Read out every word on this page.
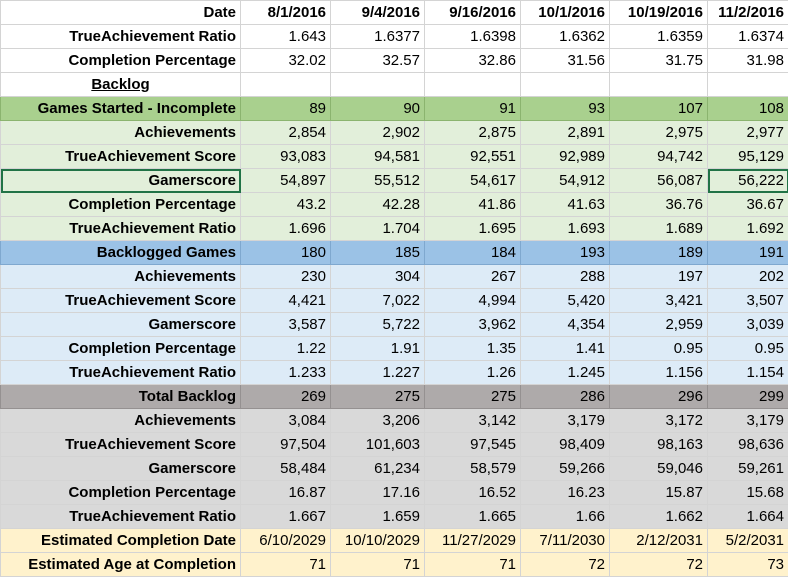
Date	8/1/2016	9/4/2016	9/16/2016	10/1/2016	10/19/2016	11/2/2016
TrueAchievement Ratio	1.643	1.6377	1.6398	1.6362	1.6359	1.6374
Completion Percentage	32.02	32.57	32.86	31.56	31.75	31.98
Backlog						
Games Started - Incomplete	89	90	91	93	107	108
Achievements	2,854	2,902	2,875	2,891	2,975	2,977
TrueAchievement Score	93,083	94,581	92,551	92,989	94,742	95,129
Gamerscore	54,897	55,512	54,617	54,912	56,087	56,222
Completion Percentage	43.2	42.28	41.86	41.63	36.76	36.67
TrueAchievement Ratio	1.696	1.704	1.695	1.693	1.689	1.692
Backlogged Games	180	185	184	193	189	191
Achievements	230	304	267	288	197	202
TrueAchievement Score	4,421	7,022	4,994	5,420	3,421	3,507
Gamerscore	3,587	5,722	3,962	4,354	2,959	3,039
Completion Percentage	1.22	1.91	1.35	1.41	0.95	0.95
TrueAchievement Ratio	1.233	1.227	1.26	1.245	1.156	1.154
Total Backlog	269	275	275	286	296	299
Achievements	3,084	3,206	3,142	3,179	3,172	3,179
TrueAchievement Score	97,504	101,603	97,545	98,409	98,163	98,636
Gamerscore	58,484	61,234	58,579	59,266	59,046	59,261
Completion Percentage	16.87	17.16	16.52	16.23	15.87	15.68
TrueAchievement Ratio	1.667	1.659	1.665	1.66	1.662	1.664
Estimated Completion Date	6/10/2029	10/10/2029	11/27/2029	7/11/2030	2/12/2031	5/2/2031
Estimated Age at Completion	71	71	71	72	72	73
